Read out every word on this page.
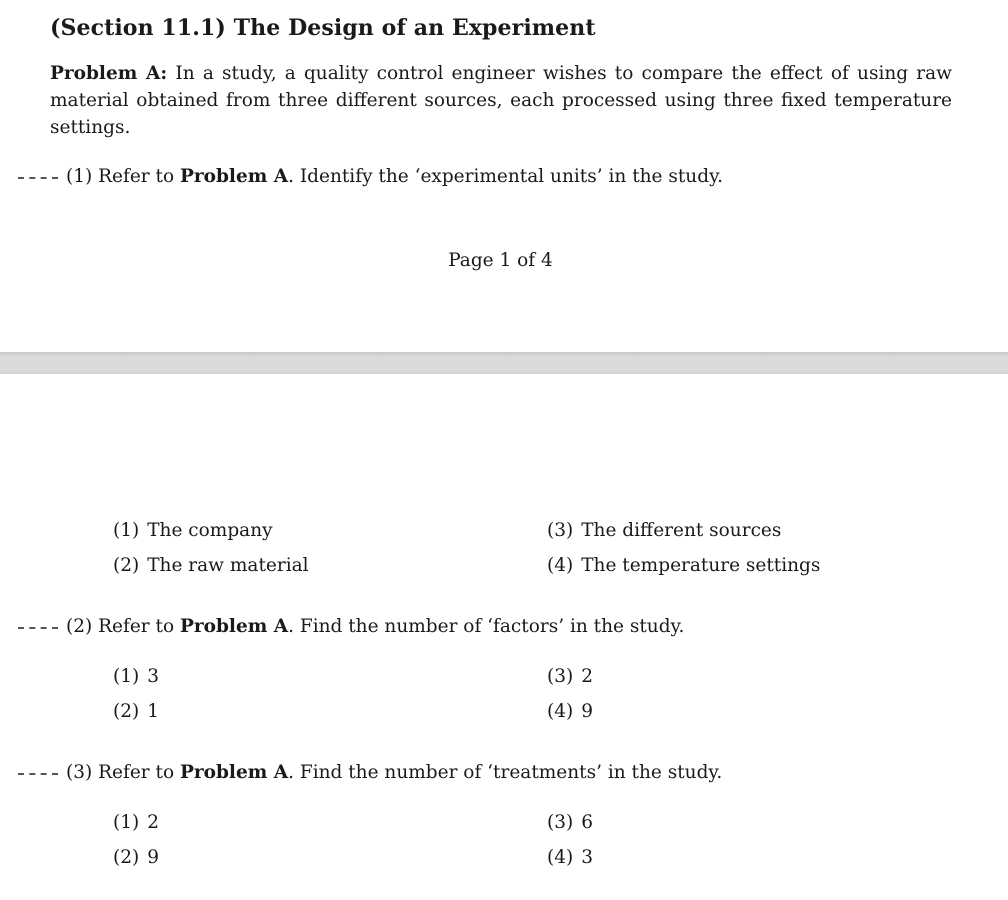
(Section 11.1) The Design of an Experiment
Problem A: In a study, a quality control engineer wishes to compare the effect of using raw material obtained from three different sources, each processed using three fixed temperature settings.
(1) Refer to Problem A. Identify the ‘experimental units’ in the study.
Page 1 of 4
(1) The company
(2) The raw material
(3) The different sources
(4) The temperature settings
(2) Refer to Problem A. Find the number of ‘factors’ in the study.
(1) 3
(2) 1
(3) 2
(4) 9
(3) Refer to Problem A. Find the number of ‘treatments’ in the study.
(1) 2
(2) 9
(3) 6
(4) 3
